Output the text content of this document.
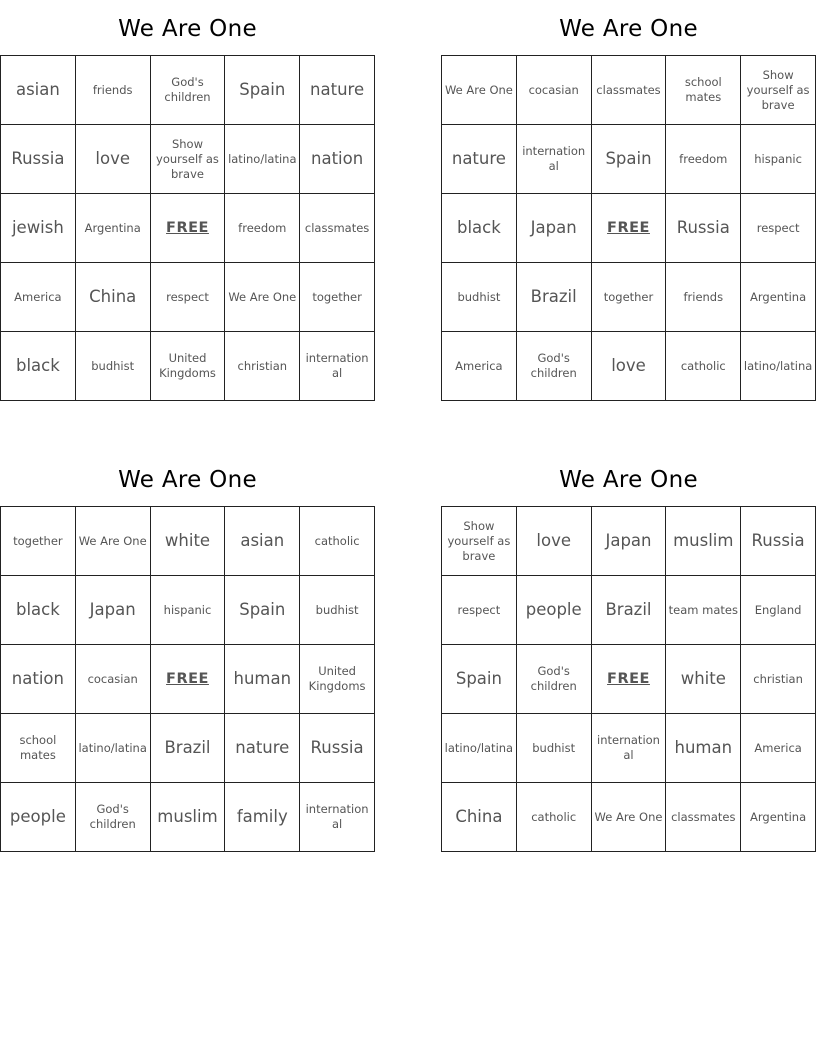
We Are One
asian	friends	God's children	Spain	nature
Russia	love	Show yourself as brave	latino/latina	nation
jewish	Argentina	FREE	freedom	classmates
America	China	respect	We Are One	together
black	budhist	United Kingdoms	christian	international
We Are One
We Are One	cocasian	classmates	school mates	Show yourself as brave
nature	international	Spain	freedom	hispanic
black	Japan	FREE	Russia	respect
budhist	Brazil	together	friends	Argentina
America	God's children	love	catholic	latino/latina
We Are One
together	We Are One	white	asian	catholic
black	Japan	hispanic	Spain	budhist
nation	cocasian	FREE	human	United Kingdoms
school mates	latino/latina	Brazil	nature	Russia
people	God's children	muslim	family	international
We Are One
Show yourself as brave	love	Japan	muslim	Russia
respect	people	Brazil	team mates	England
Spain	God's children	FREE	white	christian
latino/latina	budhist	international	human	America
China	catholic	We Are One	classmates	Argentina
